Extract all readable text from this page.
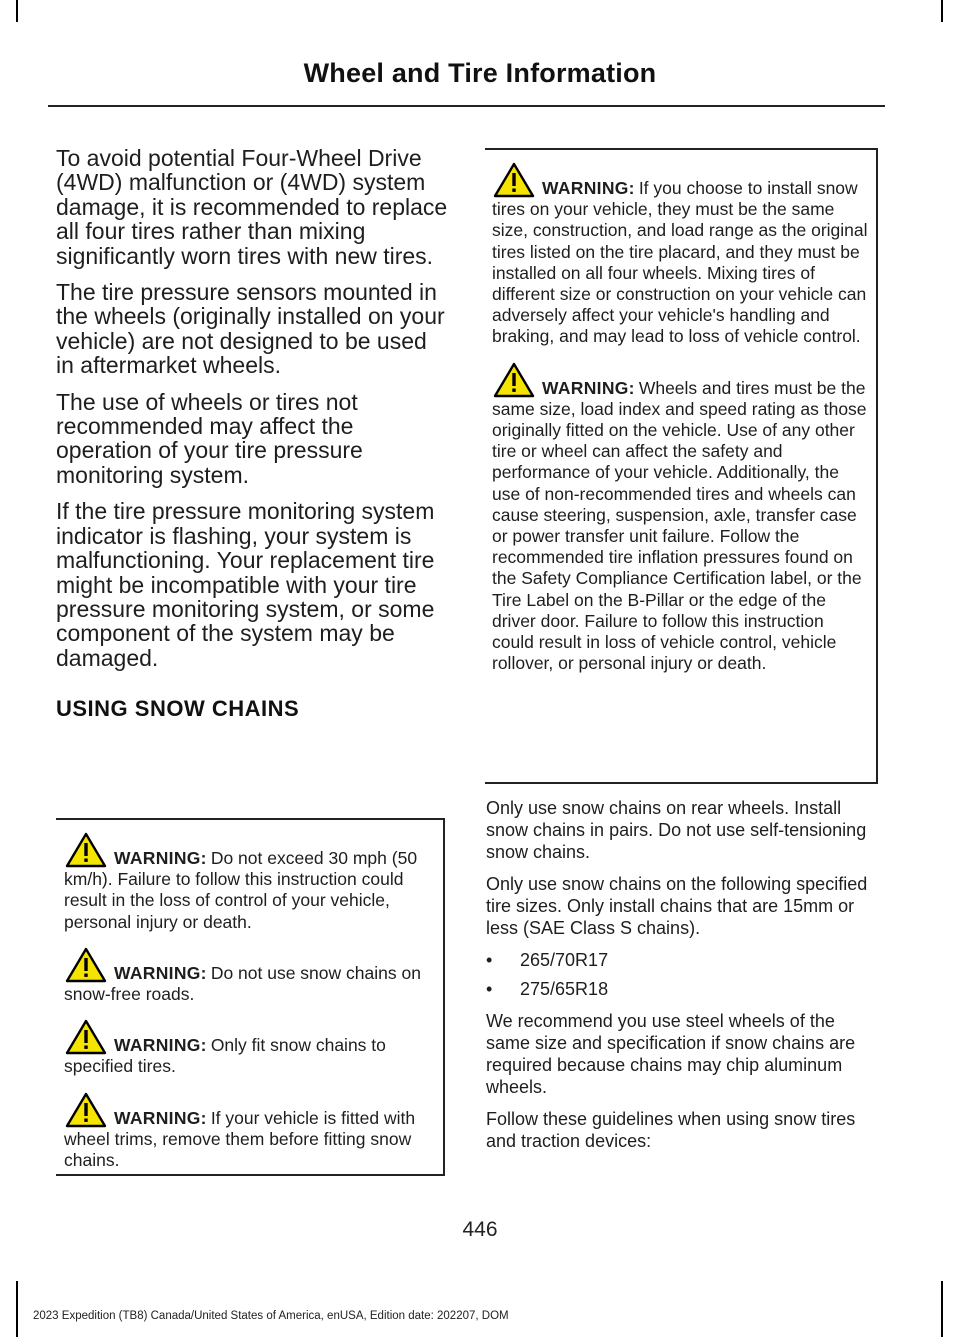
Wheel and Tire Information

To avoid potential Four-Wheel Drive (4WD) malfunction or (4WD) system damage, it is recommended to replace all four tires rather than mixing significantly worn tires with new tires.

The tire pressure sensors mounted in the wheels (originally installed on your vehicle) are not designed to be used in aftermarket wheels.

The use of wheels or tires not recommended may affect the operation of your tire pressure monitoring system.

If the tire pressure monitoring system indicator is flashing, your system is malfunctioning. Your replacement tire might be incompatible with your tire pressure monitoring system, or some component of the system may be damaged.

USING SNOW CHAINS

WARNING: Do not exceed 30 mph (50 km/h). Failure to follow this instruction could result in the loss of control of your vehicle, personal injury or death.

WARNING: Do not use snow chains on snow-free roads.

WARNING: Only fit snow chains to specified tires.

WARNING: If your vehicle is fitted with wheel trims, remove them before fitting snow chains.

WARNING: If you choose to install snow tires on your vehicle, they must be the same size, construction, and load range as the original tires listed on the tire placard, and they must be installed on all four wheels. Mixing tires of different size or construction on your vehicle can adversely affect your vehicle's handling and braking, and may lead to loss of vehicle control.

WARNING: Wheels and tires must be the same size, load index and speed rating as those originally fitted on the vehicle. Use of any other tire or wheel can affect the safety and performance of your vehicle. Additionally, the use of non-recommended tires and wheels can cause steering, suspension, axle, transfer case or power transfer unit failure. Follow the recommended tire inflation pressures found on the Safety Compliance Certification label, or the Tire Label on the B-Pillar or the edge of the driver door. Failure to follow this instruction could result in loss of vehicle control, vehicle rollover, or personal injury or death.

Only use snow chains on rear wheels. Install snow chains in pairs. Do not use self-tensioning snow chains.

Only use snow chains on the following specified tire sizes. Only install chains that are 15mm or less (SAE Class S chains).

•	265/70R17
•	275/65R18

We recommend you use steel wheels of the same size and specification if snow chains are required because chains may chip aluminum wheels.

Follow these guidelines when using snow tires and traction devices:

446
2023 Expedition (TB8) Canada/United States of America, enUSA, Edition date: 202207, DOM
